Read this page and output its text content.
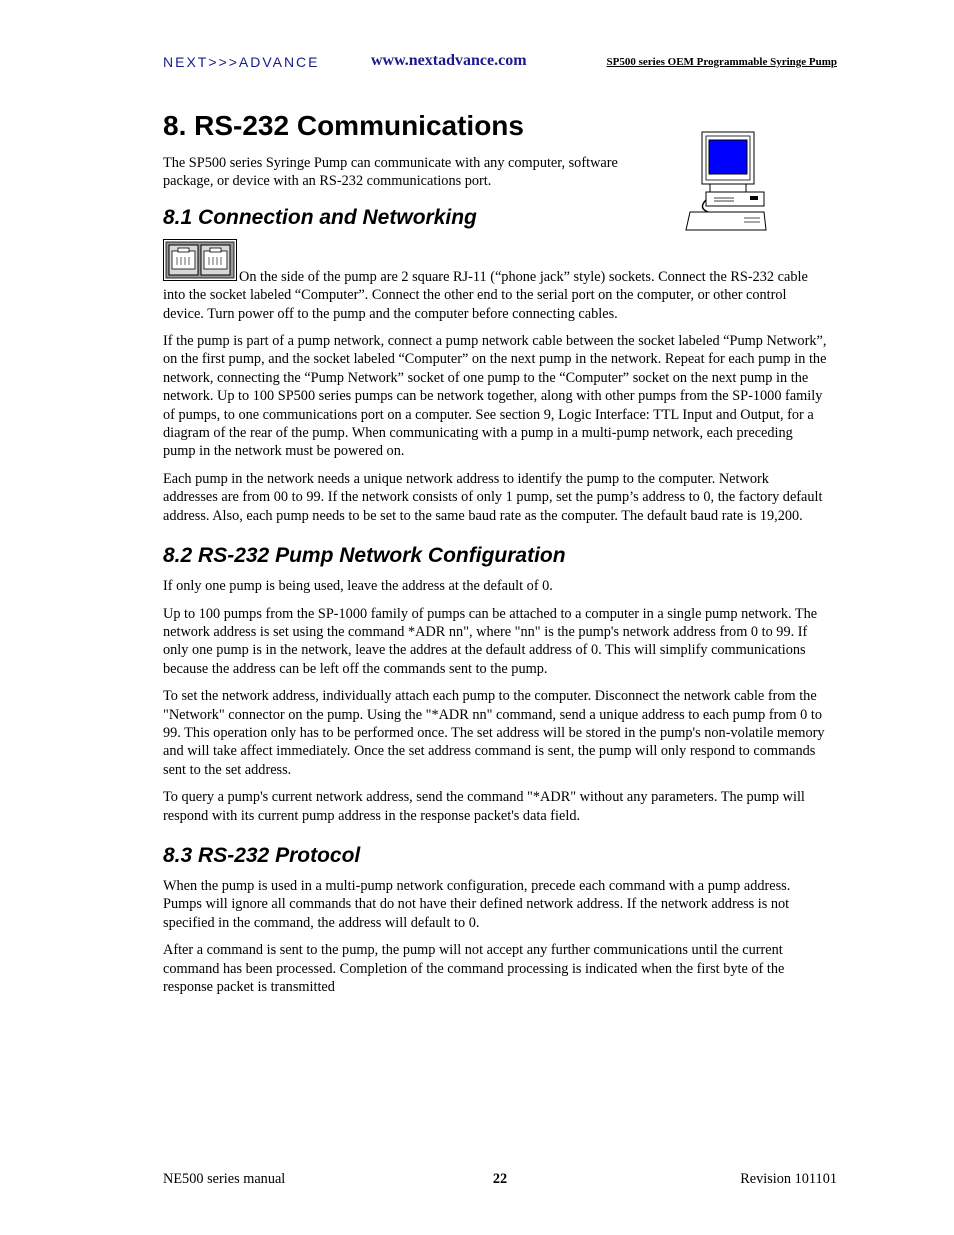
NEXT>>>ADVANCE	www.nextadvance.com	SP500 series OEM Programmable Syringe Pump
8. RS-232 Communications

The SP500 series Syringe Pump can communicate with any computer, software package, or device with an RS-232 communications port.

8.1 Connection and Networking

On the side of the pump are 2 square RJ-11 (“phone jack” style) sockets. Connect the RS-232 cable into the socket labeled “Computer”. Connect the other end to the serial port on the computer, or other control device. Turn power off to the pump and the computer before connecting cables.

If the pump is part of a pump network, connect a pump network cable between the socket labeled “Pump Network”, on the first pump, and the socket labeled “Computer” on the next pump in the network. Repeat for each pump in the network, connecting the “Pump Network” socket of one pump to the “Computer” socket on the next pump in the network. Up to 100 SP500 series pumps can be network together, along with other pumps from the SP-1000 family of pumps, to one communications port on a computer. See section 9, Logic Interface: TTL Input and Output, for a diagram of the rear of the pump. When communicating with a pump in a multi-pump network, each preceding pump in the network must be powered on.

Each pump in the network needs a unique network address to identify the pump to the computer. Network addresses are from 00 to 99. If the network consists of only 1 pump, set the pump’s address to 0, the factory default address. Also, each pump needs to be set to the same baud rate as the computer. The default baud rate is 19,200.

8.2 RS-232 Pump Network Configuration

If only one pump is being used, leave the address at the default of 0.

Up to 100 pumps from the SP-1000 family of pumps can be attached to a computer in a single pump network. The network address is set using the command *ADR nn", where "nn" is the pump's network address from 0 to 99. If only one pump is in the network, leave the addres at the default address of 0. This will simplify communications because the address can be left off the commands sent to the pump.

To set the network address, individually attach each pump to the computer. Disconnect the network cable from the "Network" connector on the pump. Using the "*ADR nn" command, send a unique address to each pump from 0 to 99. This operation only has to be performed once. The set address will be stored in the pump's non-volatile memory and will take affect immediately. Once the set address command is sent, the pump will only respond to commands sent to the set address.

To query a pump's current network address, send the command "*ADR" without any parameters. The pump will respond with its current pump address in the response packet's data field.

8.3 RS-232 Protocol

When the pump is used in a multi-pump network configuration, precede each command with a pump address. Pumps will ignore all commands that do not have their defined network address. If the network address is not specified in the command, the address will default to 0.

After a command is sent to the pump, the pump will not accept any further communications until the current command has been processed. Completion of the command processing is indicated when the first byte of the response packet is transmitted

NE500 series manual	22	Revision 101101
